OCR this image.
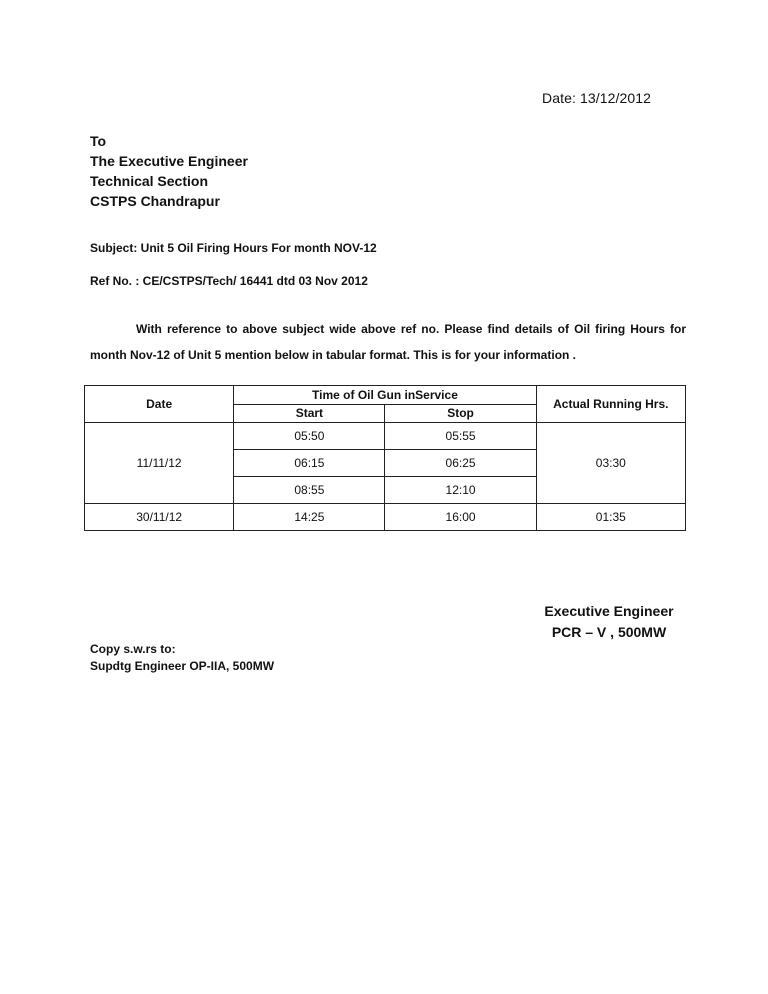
Date: 13/12/2012
To
The Executive Engineer
Technical Section
CSTPS Chandrapur
Subject: Unit 5 Oil Firing Hours For month NOV-12
Ref No. : CE/CSTPS/Tech/ 16441 dtd 03 Nov 2012
With reference to above subject wide above ref no. Please find details of Oil firing Hours for month Nov-12 of Unit 5 mention below in tabular format. This is for your information .
Date	Time of Oil Gun inService		Actual Running Hrs.
	Start	Stop	
11/11/12	05:50	05:55	03:30
	06:15	06:25	
	08:55	12:10	
30/11/12	14:25	16:00	01:35
Executive Engineer
PCR – V , 500MW
Copy s.w.rs to:
Supdtg Engineer OP-IIA, 500MW
